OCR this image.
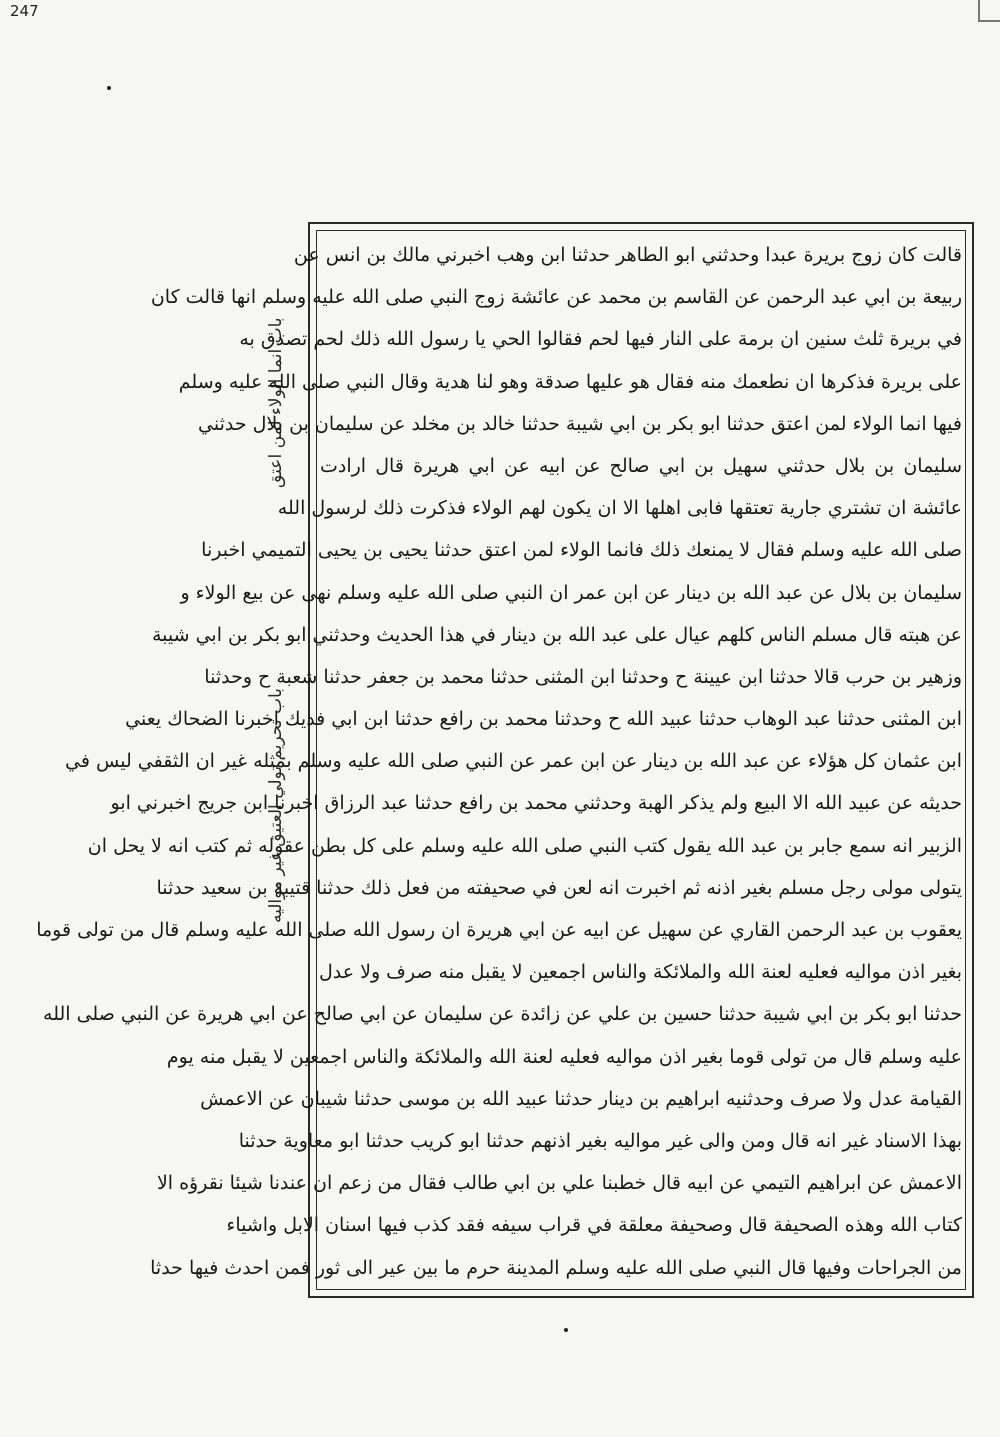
247
باب انما الولاء لمن اعتق
باب تحريم تولي العتيق غير مواليه
قالت كان زوج بريرة عبدا وحدثني ابو الطاهر حدثنا ابن وهب اخبرني مالك بن انس عن
ربيعة بن ابي عبد الرحمن عن القاسم بن محمد عن عائشة زوج النبي صلى الله عليه وسلم انها قالت كان
في بريرة ثلث سنين ان برمة على النار فيها لحم فقالوا الحي يا رسول الله ذلك لحم تصدق به
على بريرة فذكرها ان نطعمك منه فقال هو عليها صدقة وهو لنا هدية وقال النبي صلى الله عليه وسلم
فيها انما الولاء لمن اعتق حدثنا ابو بكر بن ابي شيبة حدثنا خالد بن مخلد عن سليمان بن بلال حدثني
سليمان بن بلال حدثني سهيل بن ابي صالح عن ابيه عن ابي هريرة قال ارادت
عائشة ان تشتري جارية تعتقها فابى اهلها الا ان يكون لهم الولاء فذكرت ذلك لرسول الله
صلى الله عليه وسلم فقال لا يمنعك ذلك فانما الولاء لمن اعتق حدثنا يحيى بن يحيى التميمي اخبرنا
سليمان بن بلال عن عبد الله بن دينار عن ابن عمر ان النبي صلى الله عليه وسلم نهى عن بيع الولاء و
عن هبته قال مسلم الناس كلهم عيال على عبد الله بن دينار في هذا الحديث وحدثني ابو بكر بن ابي شيبة
وزهير بن حرب قالا حدثنا ابن عيينة ح وحدثنا ابن المثنى حدثنا محمد بن جعفر حدثنا شعبة ح وحدثنا
ابن المثنى حدثنا عبد الوهاب حدثنا عبيد الله ح وحدثنا محمد بن رافع حدثنا ابن ابي فديك اخبرنا الضحاك يعني
ابن عثمان كل هؤلاء عن عبد الله بن دينار عن ابن عمر عن النبي صلى الله عليه وسلم بمثله غير ان الثقفي ليس في
حديثه عن عبيد الله الا البيع ولم يذكر الهبة وحدثني محمد بن رافع حدثنا عبد الرزاق اخبرنا ابن جريج اخبرني ابو
الزبير انه سمع جابر بن عبد الله يقول كتب النبي صلى الله عليه وسلم على كل بطن عقوله ثم كتب انه لا يحل ان
يتولى مولى رجل مسلم بغير اذنه ثم اخبرت انه لعن في صحيفته من فعل ذلك حدثنا قتيبة بن سعيد حدثنا
يعقوب بن عبد الرحمن القاري عن سهيل عن ابيه عن ابي هريرة ان رسول الله صلى الله عليه وسلم قال من تولى قوما
بغير اذن مواليه فعليه لعنة الله والملائكة والناس اجمعين لا يقبل منه صرف ولا عدل
حدثنا ابو بكر بن ابي شيبة حدثنا حسين بن علي عن زائدة عن سليمان عن ابي صالح عن ابي هريرة عن النبي صلى الله
عليه وسلم قال من تولى قوما بغير اذن مواليه فعليه لعنة الله والملائكة والناس اجمعين لا يقبل منه يوم
القيامة عدل ولا صرف وحدثنيه ابراهيم بن دينار حدثنا عبيد الله بن موسى حدثنا شيبان عن الاعمش
بهذا الاسناد غير انه قال ومن والى غير مواليه بغير اذنهم حدثنا ابو كريب حدثنا ابو معاوية حدثنا
الاعمش عن ابراهيم التيمي عن ابيه قال خطبنا علي بن ابي طالب فقال من زعم ان عندنا شيئا نقرؤه الا
كتاب الله وهذه الصحيفة قال وصحيفة معلقة في قراب سيفه فقد كذب فيها اسنان الابل واشياء
من الجراحات وفيها قال النبي صلى الله عليه وسلم المدينة حرم ما بين عير الى ثور فمن احدث فيها حدثا
